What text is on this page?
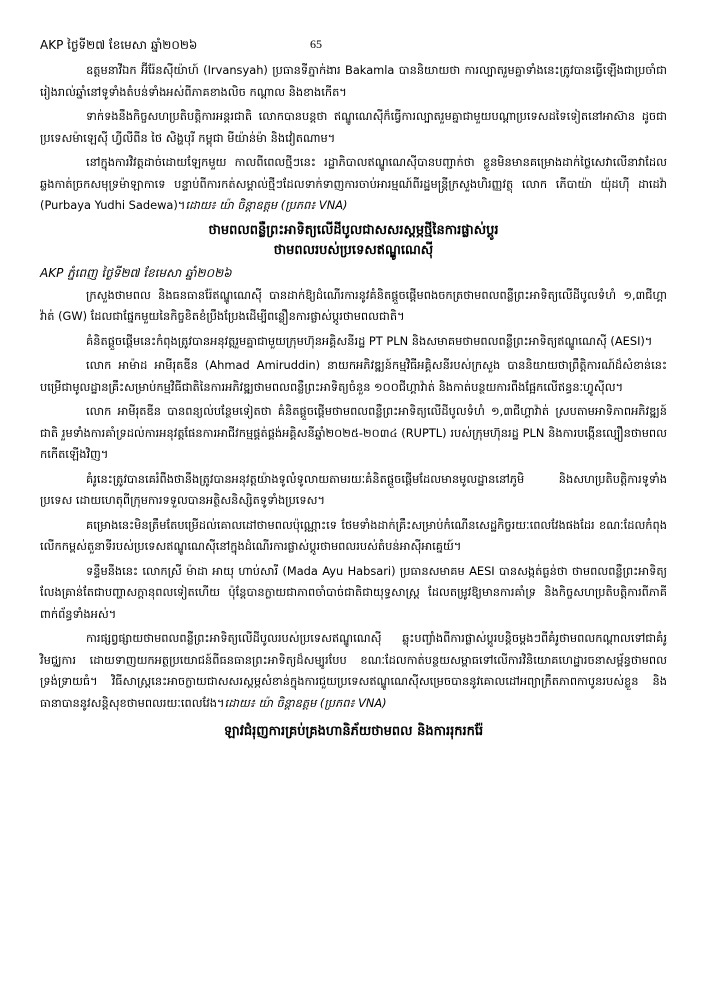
AKP ថ្ងៃទី២៧ ខែមេសា ឆ្នាំ២០២៦	65

ឧត្តមនាវីឯក អ៊ីរ៉ែនស៊ីយ៉ាហ៍ (Irvansyah) ប្រធានទីភ្នាក់ងារ Bakamla បាននិយាយថា ការល្បាតរួមគ្នាទាំងនេះត្រូវបានធ្វើឡើងជាប្រចាំជារៀងរាល់ឆ្នាំនៅទូទាំងតំបន់ទាំងអស់ពីភាគខាងលិច កណ្តាល និងខាងកើត។

ទាក់ទងនឹងកិច្ចសហប្រតិបត្តិការអន្តរជាតិ លោកបានបន្តថា ឥណ្ឌូណេស៊ីក៏ធ្វើការល្បាតរួមគ្នាជាមួយបណ្តាប្រទេសដទៃទៀតនៅអាស៊ាន ដូចជាប្រទេសម៉ាឡេស៊ី ហ្វីលីពីន ថៃ សិង្ហបុរី កម្ពុជា មីយ៉ាន់ម៉ា និងវៀតណាម។

នៅក្នុងការវិវត្តដាច់ដោយឡែកមួយ កាលពីពេលថ្មីៗនេះ រដ្ឋាភិបាលឥណ្ឌូណេស៊ីបានបញ្ជាក់ថា ខ្លួនមិនមានគម្រោងដាក់ថ្លៃសេវាលើនាវាដែលឆ្លងកាត់ច្រកសមុទ្រម៉ាឡាកាទេ បន្ទាប់ពីការកត់សម្គាល់ថ្មីៗដែលទាក់ទាញការចាប់អារម្មណ៍ពីរដ្ឋមន្ត្រីក្រសួងហិរញ្ញវត្ថុ លោក ភើបាយ៉ា យ៉ុដហ៊ី ដាដេវ៉ា (Purbaya Yudhi Sadewa)។ដោយ៖ យ៉ា ចិន្តាឧត្តម (ប្រភព៖ VNA)

ថាមពលពន្លឺព្រះអាទិត្យលើដីបូលជាសសរស្តម្ភថ្មីនៃការផ្លាស់ប្តូរ
ថាមពលរបស់ប្រទេសឥណ្ឌូណេស៊ី
AKP ភ្នំពេញ ថ្ងៃទី២៧ ខែមេសា ឆ្នាំ២០២៦

ក្រសួងថាមពល និងធនធានរ៉ែឥណ្ឌូណេស៊ី បានដាក់ឱ្យដំណើរការនូវគំនិតផ្តួចផ្តើមពងចកត្រថាមពលពន្លឺព្រះអាទិត្យលើដីបូលទំហំ ១,៣ជីហ្គាវ៉ាត់ (GW) ដែលជាផ្នែកមួយនៃកិច្ចខិតខំប្រឹងប្រែងដើម្បីពន្លឿនការផ្លាស់ប្តូរថាមពលជាតិ។

គំនិតផ្តួចផ្តើមនេះកំពុងត្រូវបានអនុវត្តរួមគ្នាជាមួយក្រុមហ៊ុនអគ្គិសនីរដ្ឋ PT PLN និងសមាគមថាមពលពន្លឺព្រះអាទិត្យឥណ្ឌូណេស៊ី (AESI)។

លោក អាម៉ាដ អាមីរុតឌីន (Ahmad Amiruddin) នាយកអភិវឌ្ឍន៍កម្មវិធីអគ្គិសនីរបស់ក្រសួង បាននិយាយថាព្រឹត្តិការណ៍ដ៏សំខាន់នេះបម្រើជាមូលដ្ឋានគ្រឹះសម្រាប់កម្មវិធីជាតិនៃការអភិវឌ្ឍថាមពលពន្លឺព្រះអាទិត្យចំនួន ១០០ជីហ្គាវ៉ាត់ និងកាត់បន្ថយការពឹងផ្អែកលើឥន្ធនៈហ្វូស៊ីល។

លោក អាមីរុតឌីន បានពន្យល់បន្ថែមទៀតថា គំនិតផ្តួចផ្តើមថាមពលពន្លឺព្រះអាទិត្យលើដីបូលទំហំ ១,៣ជីហ្គាវ៉ាត់ ស្របតាមអាទិភាពអភិវឌ្ឍន៍ជាតិ រួមទាំងការគាំទ្រដល់ការអនុវត្តផែនការអាជីវកម្មផ្គត់ផ្គង់អគ្គិសនីឆ្នាំ២០២៥-២០៣៤ (RUPTL) របស់ក្រុមហ៊ុនរដ្ឋ PLN និងការបង្កើនល្បឿនថាមពលកកើតឡើងវិញ។

គំរូនេះត្រូវបានគេរំពឹងថានឹងត្រូវបានអនុវត្តយ៉ាងទូលំទូលាយតាមរយៈគំនិតផ្តួចផ្តើមដែលមានមូលដ្ឋាននៅភូមិ និងសហប្រតិបត្តិការទូទាំងប្រទេស ដោយហេតុពីក្រុមការទទួលបានអត្ថិសនិស្សិតទូទាំងប្រទេស។

គម្រោងនេះមិនត្រឹមតែបម្រើដល់គោលដៅថាមពលប៉ុណ្ណោះទេ ថែមទាំងដាក់គ្រឹះសម្រាប់កំណើនសេដ្ឋកិច្ចរយៈពេលវែងផងដែរ ខណៈដែលកំពុងលើកកម្ពស់តួនាទីរបស់ប្រទេសឥណ្ឌូណេស៊ីនៅក្នុងដំណើរការផ្លាស់ប្តូរថាមពលរបស់តំបន់អាស៊ីអាគ្នេយ៍។

ទន្ទឹមនឹងនេះ លោកស្រី ម៉ាដា អាយុ ហាប់សារី (Mada Ayu Habsari) ប្រធានសមាគម AESI បានសង្កត់ធ្ងន់ថា ថាមពលពន្លឺព្រះអាទិត្យលែងគ្រាន់តែជាបញ្ហាសក្តានុពលទៀតហើយ ប៉ុន្តែបានក្លាយជាភាពចាំបាច់ជាតិជាយុទ្ធសាស្ត្រ ដែលតម្រូវឱ្យមានការគាំទ្រ និងកិច្ចសហប្រតិបត្តិការពីភាគីពាក់ព័ន្ធទាំងអស់។

ការផ្សព្វផ្សាយថាមពលពន្លឺព្រះអាទិត្យលើដីបូលរបស់ប្រទេសឥណ្ឌូណេស៊ី ឆ្លុះបញ្ចាំងពីការផ្លាស់ប្តូរបន្តិចម្តងៗពីគំរូថាមពលកណ្តាលទៅជាគំរូវិមជ្ឈការ ដោយទាញយកអត្ថប្រយោជន៍ពីធនធានព្រះអាទិត្យដ៏សម្បូរបែប ខណៈដែលកាត់បន្ថយសម្ពាធទៅលើការវិនិយោគហេដ្ឋារចនាសម្ព័ន្ធថាមពលទ្រង់ទ្រាយធំ។ វិធីសាស្ត្រនេះអាចក្លាយជាសសរស្តម្ភសំខាន់ក្នុងការជួយប្រទេសឥណ្ឌូណេស៊ីសម្រេចបាននូវគោលដៅអព្យាក្រឹតភាពកាបូនរបស់ខ្លួន និងធានាបាននូវសន្តិសុខថាមពលរយៈពេលវែង។ដោយ៖ យ៉ា ចិន្តាឧត្តម (ប្រភព៖ VNA)

ឡាវជំរុញការគ្រប់គ្រងហានិភ័យថាមពល និងការរុករករ៉ែ
